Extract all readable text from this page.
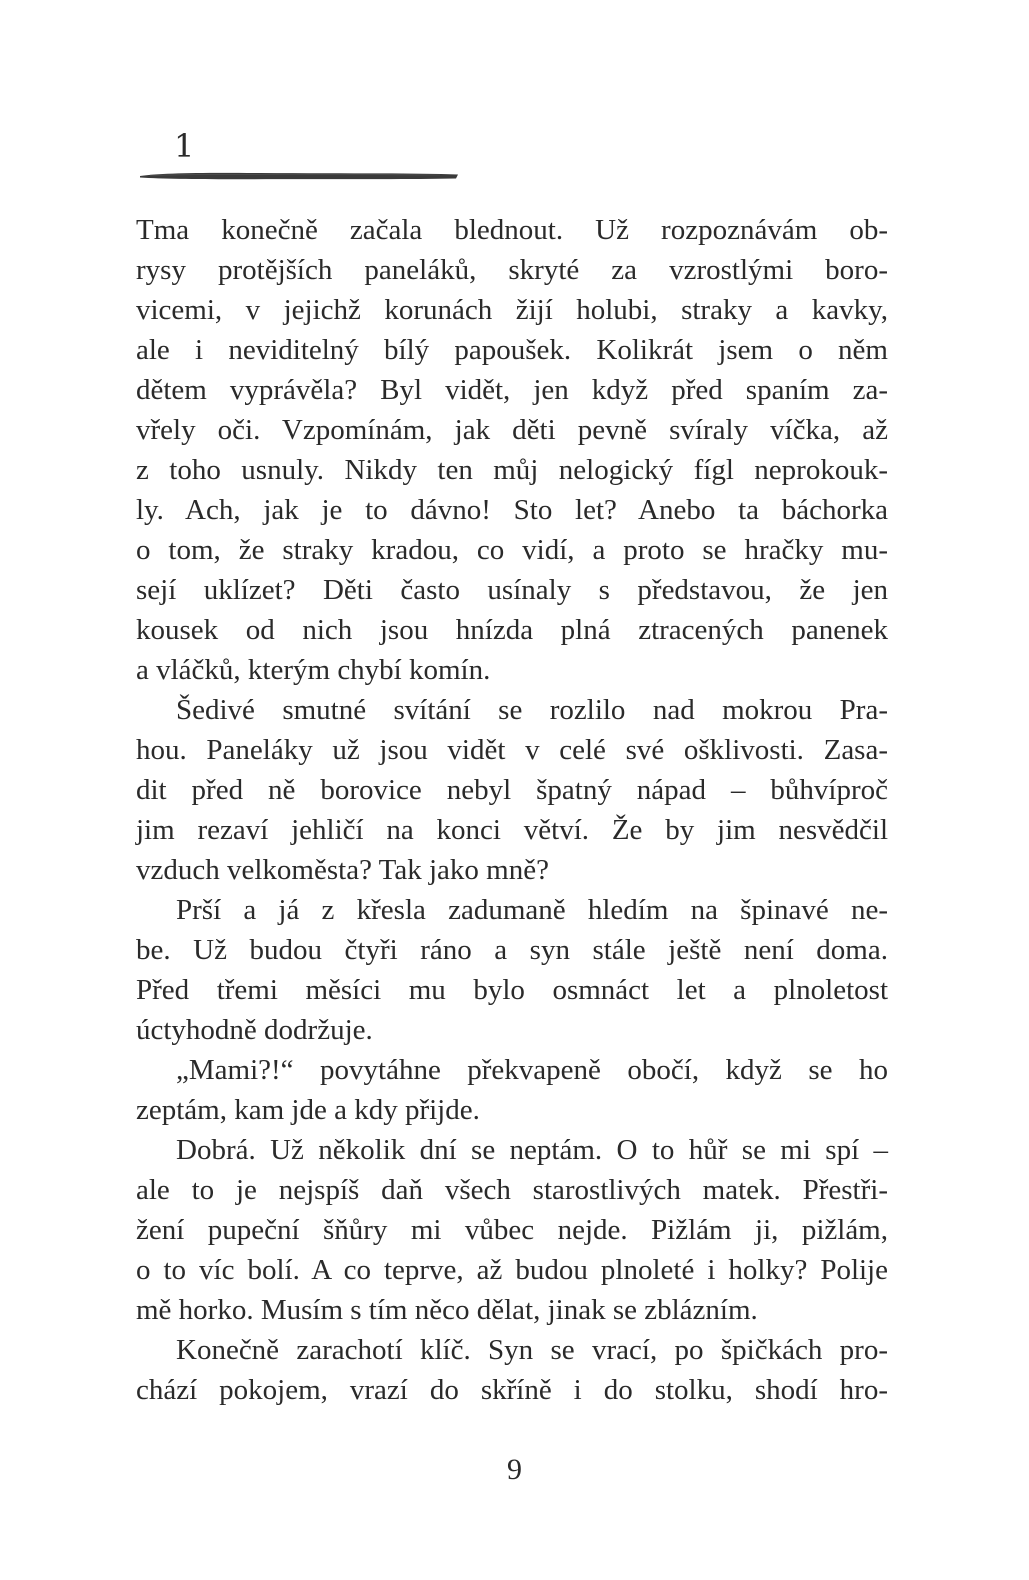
1
Tma konečně začala blednout. Už rozpoznávám ob-
rysy protějších paneláků, skryté za vzrostlými boro-
vicemi, v jejichž korunách žijí holubi, straky a kavky,
ale i neviditelný bílý papoušek. Kolikrát jsem o něm
dětem vyprávěla? Byl vidět, jen když před spaním za-
vřely oči. Vzpomínám, jak děti pevně svíraly víčka, až
z toho usnuly. Nikdy ten můj nelogický fígl neprokouk-
ly. Ach, jak je to dávno! Sto let? Anebo ta báchorka
o tom, že straky kradou, co vidí, a proto se hračky mu-
sejí uklízet? Děti často usínaly s představou, že jen
kousek od nich jsou hnízda plná ztracených panenek
a vláčků, kterým chybí komín.
Šedivé smutné svítání se rozlilo nad mokrou Pra-
hou. Paneláky už jsou vidět v celé své ošklivosti. Zasa-
dit před ně borovice nebyl špatný nápad – bůhvíproč
jim rezaví jehličí na konci větví. Že by jim nesvědčil
vzduch velkoměsta? Tak jako mně?
Prší a já z křesla zadumaně hledím na špinavé ne-
be. Už budou čtyři ráno a syn stále ještě není doma.
Před třemi měsíci mu bylo osmnáct let a plnoletost
úctyhodně dodržuje.
„Mami?!“ povytáhne překvapeně obočí, když se ho
zeptám, kam jde a kdy přijde.
Dobrá. Už několik dní se neptám. O to hůř se mi spí –
ale to je nejspíš daň všech starostlivých matek. Přestři-
žení pupeční šňůry mi vůbec nejde. Pižlám ji, pižlám,
o to víc bolí. A co teprve, až budou plnoleté i holky? Polije
mě horko. Musím s tím něco dělat, jinak se zblázním.
Konečně zarachotí klíč. Syn se vrací, po špičkách pro-
chází pokojem, vrazí do skříně i do stolku, shodí hro-
9
